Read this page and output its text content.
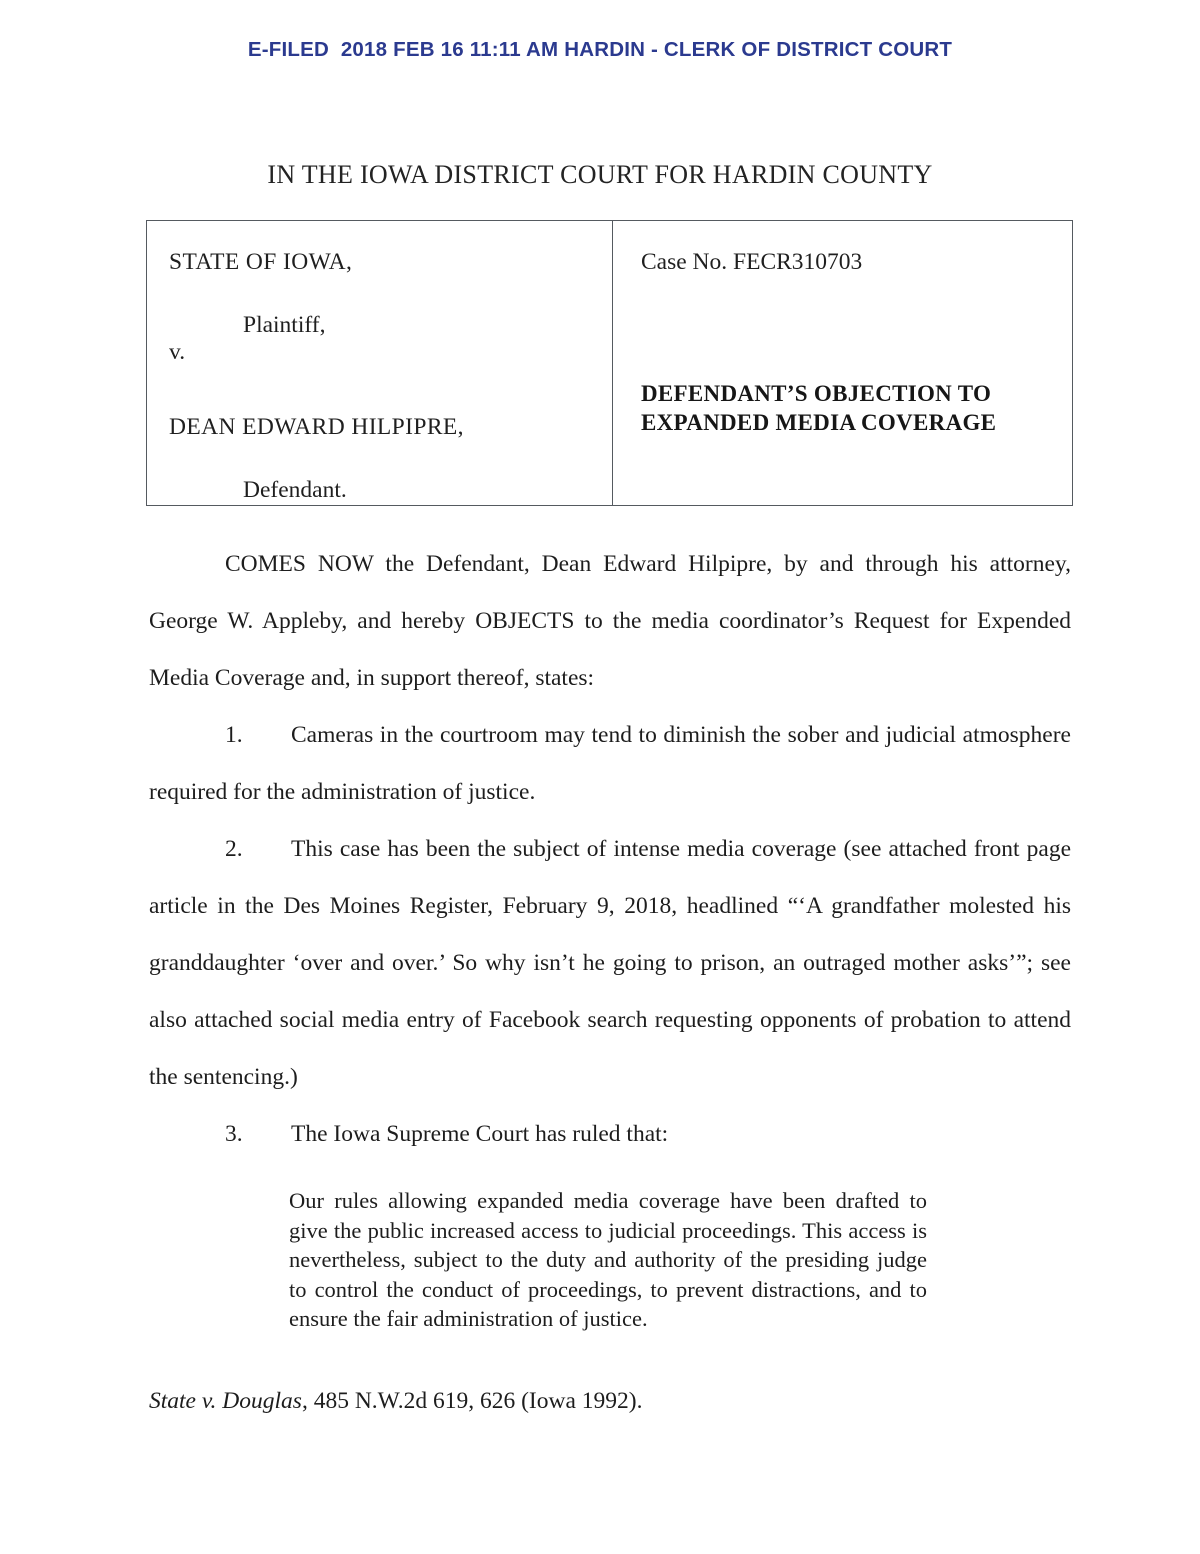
E-FILED  2018 FEB 16 11:11 AM HARDIN - CLERK OF DISTRICT COURT
IN THE IOWA DISTRICT COURT FOR HARDIN COUNTY
STATE OF IOWA,
Plaintiff,
v.
DEAN EDWARD HILPIPRE,
Defendant.
Case No. FECR310703
DEFENDANT’S OBJECTION TO
EXPANDED MEDIA COVERAGE

COMES NOW the Defendant, Dean Edward Hilpipre, by and through his attorney, George W. Appleby, and hereby OBJECTS to the media coordinator’s Request for Expended Media Coverage and, in support thereof, states:

1. Cameras in the courtroom may tend to diminish the sober and judicial atmosphere required for the administration of justice.

2. This case has been the subject of intense media coverage (see attached front page article in the Des Moines Register, February 9, 2018, headlined “‘A grandfather molested his granddaughter ‘over and over.’ So why isn’t he going to prison, an outraged mother asks’”; see also attached social media entry of Facebook search requesting opponents of probation to attend the sentencing.)

3. The Iowa Supreme Court has ruled that:

Our rules allowing expanded media coverage have been drafted to give the public increased access to judicial proceedings. This access is nevertheless, subject to the duty and authority of the presiding judge to control the conduct of proceedings, to prevent distractions, and to ensure the fair administration of justice.
State v. Douglas, 485 N.W.2d 619, 626 (Iowa 1992).
